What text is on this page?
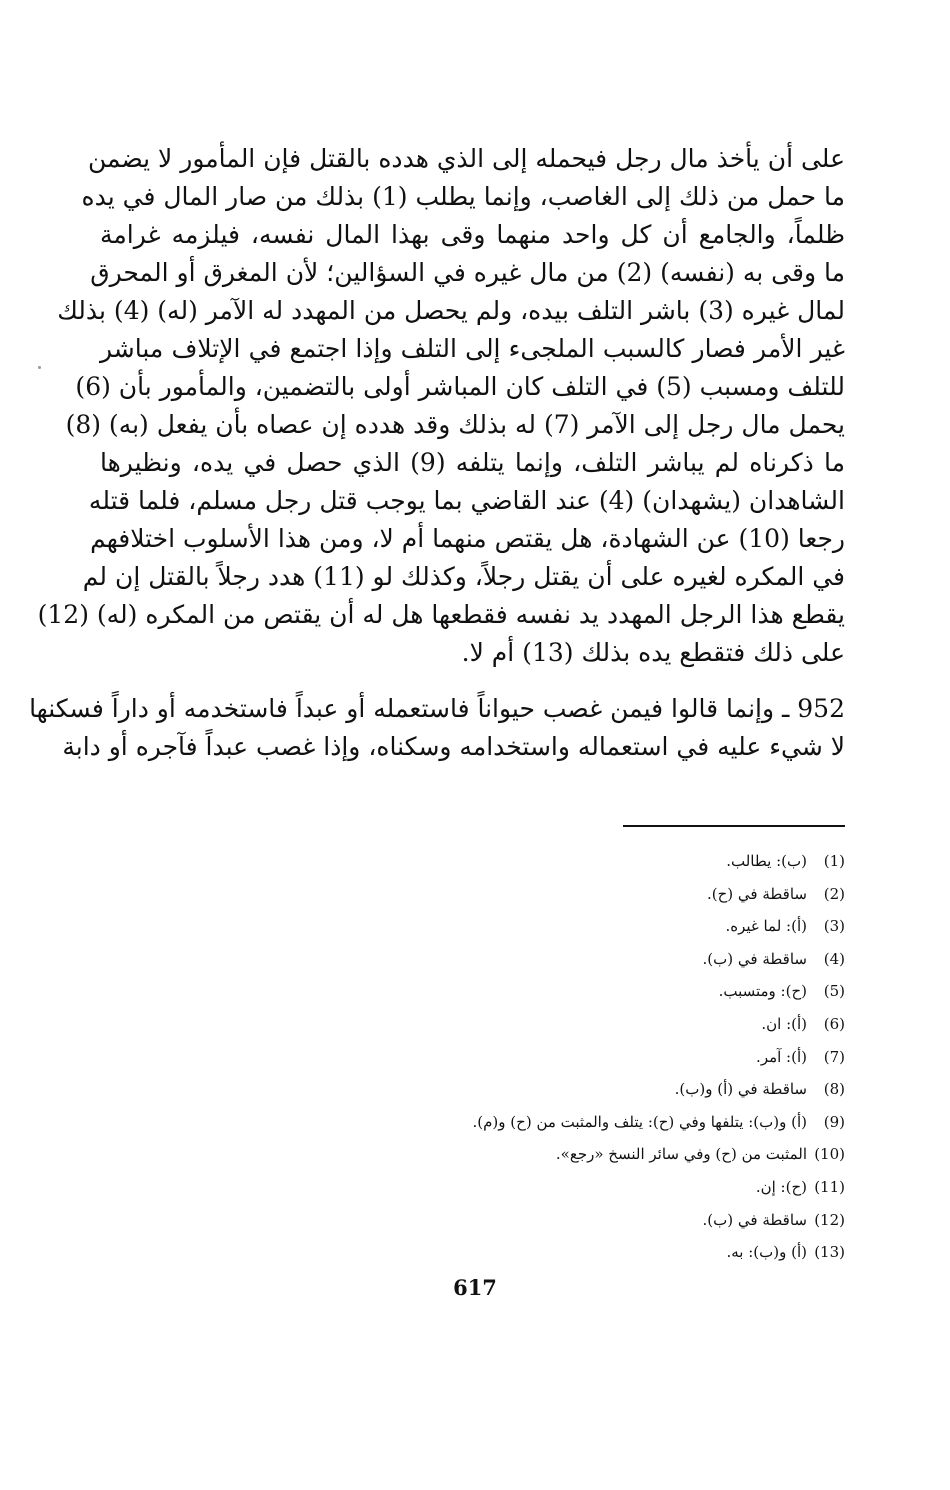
على أن يأخذ مال رجل فيحمله إلى الذي هدده بالقتل فإن المأمور لا يضمن
ما حمل من ذلك إلى الغاصب، وإنما يطلب (1) بذلك من صار المال في يده
ظلماً، والجامع أن كل واحد منهما وقى بهذا المال نفسه، فيلزمه غرامة
ما وقى به (نفسه) (2) من مال غيره في السؤالين؛ لأن المغرق أو المحرق
لمال غيره (3) باشر التلف بيده، ولم يحصل من المهدد له الآمر (له) (4) بذلك
غير الأمر فصار كالسبب الملجىء إلى التلف وإذا اجتمع في الإتلاف مباشر
للتلف ومسبب (5) في التلف كان المباشر أولى بالتضمين، والمأمور بأن (6)
يحمل مال رجل إلى الآمر (7) له بذلك وقد هدده إن عصاه بأن يفعل (به) (8)
ما ذكرناه لم يباشر التلف، وإنما يتلفه (9) الذي حصل في يده، ونظيرها
الشاهدان (يشهدان) (4) عند القاضي بما يوجب قتل رجل مسلم، فلما قتله
رجعا (10) عن الشهادة، هل يقتص منهما أم لا، ومن هذا الأسلوب اختلافهم
في المكره لغيره على أن يقتل رجلاً، وكذلك لو (11) هدد رجلاً بالقتل إن لم
يقطع هذا الرجل المهدد يد نفسه فقطعها هل له أن يقتص من المكره (له) (12)
على ذلك فتقطع يده بذلك (13) أم لا.
952 ـ وإنما قالوا فيمن غصب حيواناً فاستعمله أو عبداً فاستخدمه أو داراً فسكنها
لا شيء عليه في استعماله واستخدامه وسكناه، وإذا غصب عبداً فآجره أو دابة
(1)(ب): يطالب.
(2)ساقطة في (ح).
(3)(أ): لما غيره.
(4)ساقطة في (ب).
(5)(ح): ومتسبب.
(6)(أ): ان.
(7)(أ): آمر.
(8)ساقطة في (أ) و(ب).
(9)(أ) و(ب): يتلفها وفي (ح): يتلف والمثبت من (ح) و(م).
(10)المثبت من (ح) وفي سائر النسخ «رجع».
(11)(ح): إن.
(12)ساقطة في (ب).
(13)(أ) و(ب): به.
617
